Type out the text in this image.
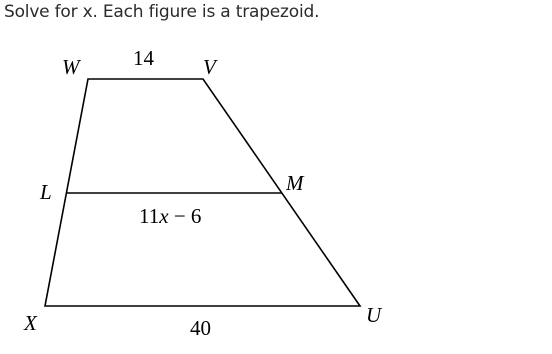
Solve for x. Each figure is a trapezoid.
W	V
L	M
X	U
14
11x − 6
40
